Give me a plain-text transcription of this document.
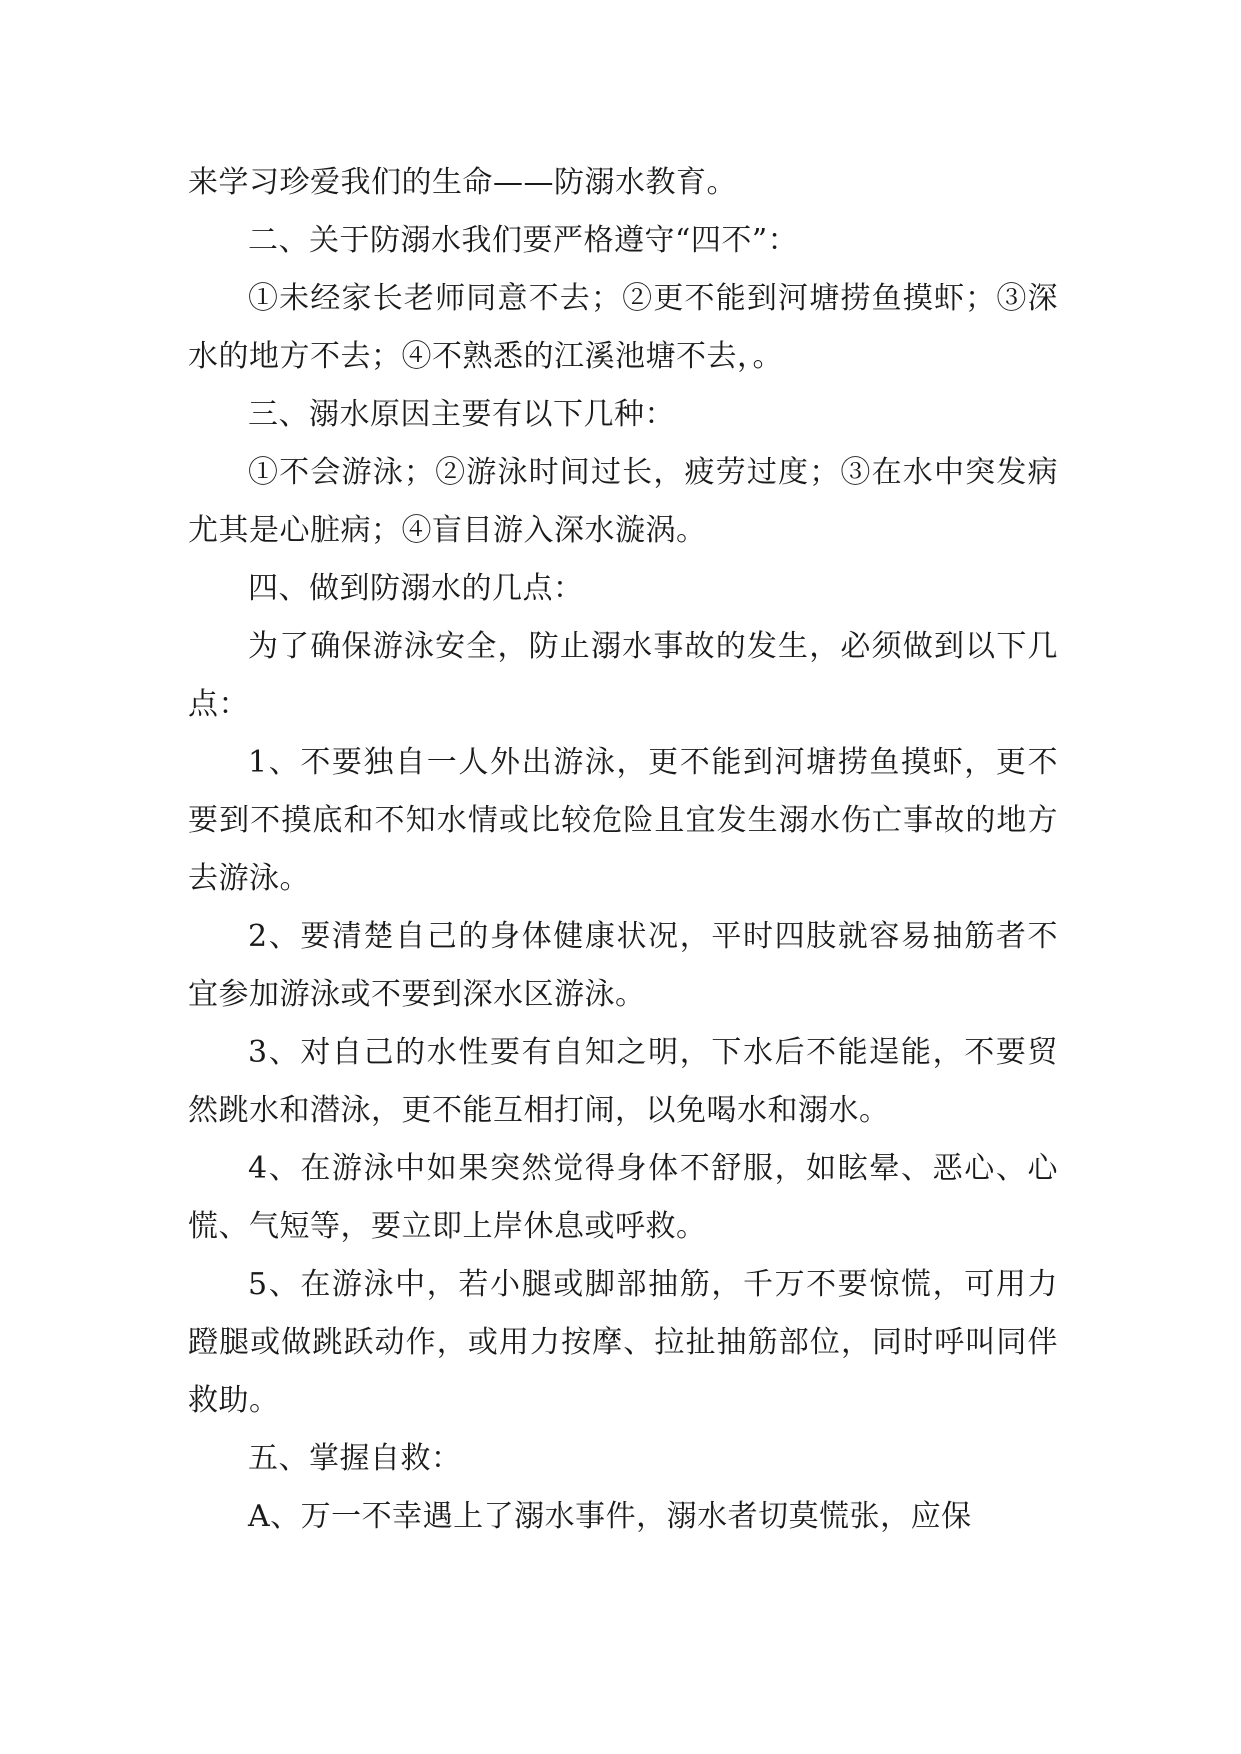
来学习珍爱我们的生命——防溺水教育。

二、关于防溺水我们要严格遵守“四不”：

①未经家长老师同意不去；②更不能到河塘捞鱼摸虾；③深水的地方不去；④不熟悉的江溪池塘不去，。

三、溺水原因主要有以下几种：

①不会游泳；②游泳时间过长，疲劳过度；③在水中突发病尤其是心脏病；④盲目游入深水漩涡。

四、做到防溺水的几点：

为了确保游泳安全，防止溺水事故的发生，必须做到以下几点：

1、不要独自一人外出游泳，更不能到河塘捞鱼摸虾，更不要到不摸底和不知水情或比较危险且宜发生溺水伤亡事故的地方去游泳。

2、要清楚自己的身体健康状况，平时四肢就容易抽筋者不宜参加游泳或不要到深水区游泳。

3、对自己的水性要有自知之明，下水后不能逞能，不要贸然跳水和潜泳，更不能互相打闹，以免喝水和溺水。

4、在游泳中如果突然觉得身体不舒服，如眩晕、恶心、心慌、气短等，要立即上岸休息或呼救。

5、在游泳中，若小腿或脚部抽筋，千万不要惊慌，可用力蹬腿或做跳跃动作，或用力按摩、拉扯抽筋部位，同时呼叫同伴救助。

五、掌握自救：

A、万一不幸遇上了溺水事件，溺水者切莫慌张，应保
